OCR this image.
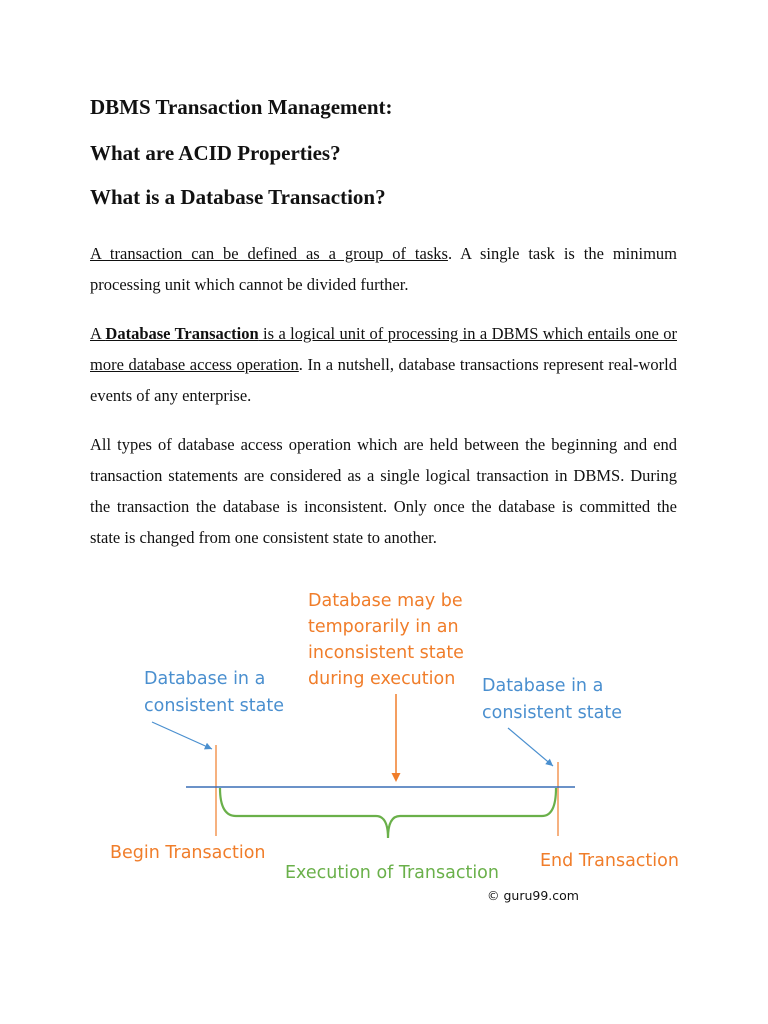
DBMS Transaction Management:
What are ACID Properties?
What is a Database Transaction?

A transaction can be defined as a group of tasks. A single task is the minimum processing unit which cannot be divided further.

A Database Transaction is a logical unit of processing in a DBMS which entails one or more database access operation. In a nutshell, database transactions represent real-world events of any enterprise.

All types of database access operation which are held between the beginning and end transaction statements are considered as a single logical transaction in DBMS. During the transaction the database is inconsistent. Only once the database is committed the state is changed from one consistent state to another.

Database may be
temporarily in an
inconsistent state
during execution
Database in a
consistent state
Database in a
consistent state
Begin Transaction	End Transaction
Execution of Transaction
© guru99.com
